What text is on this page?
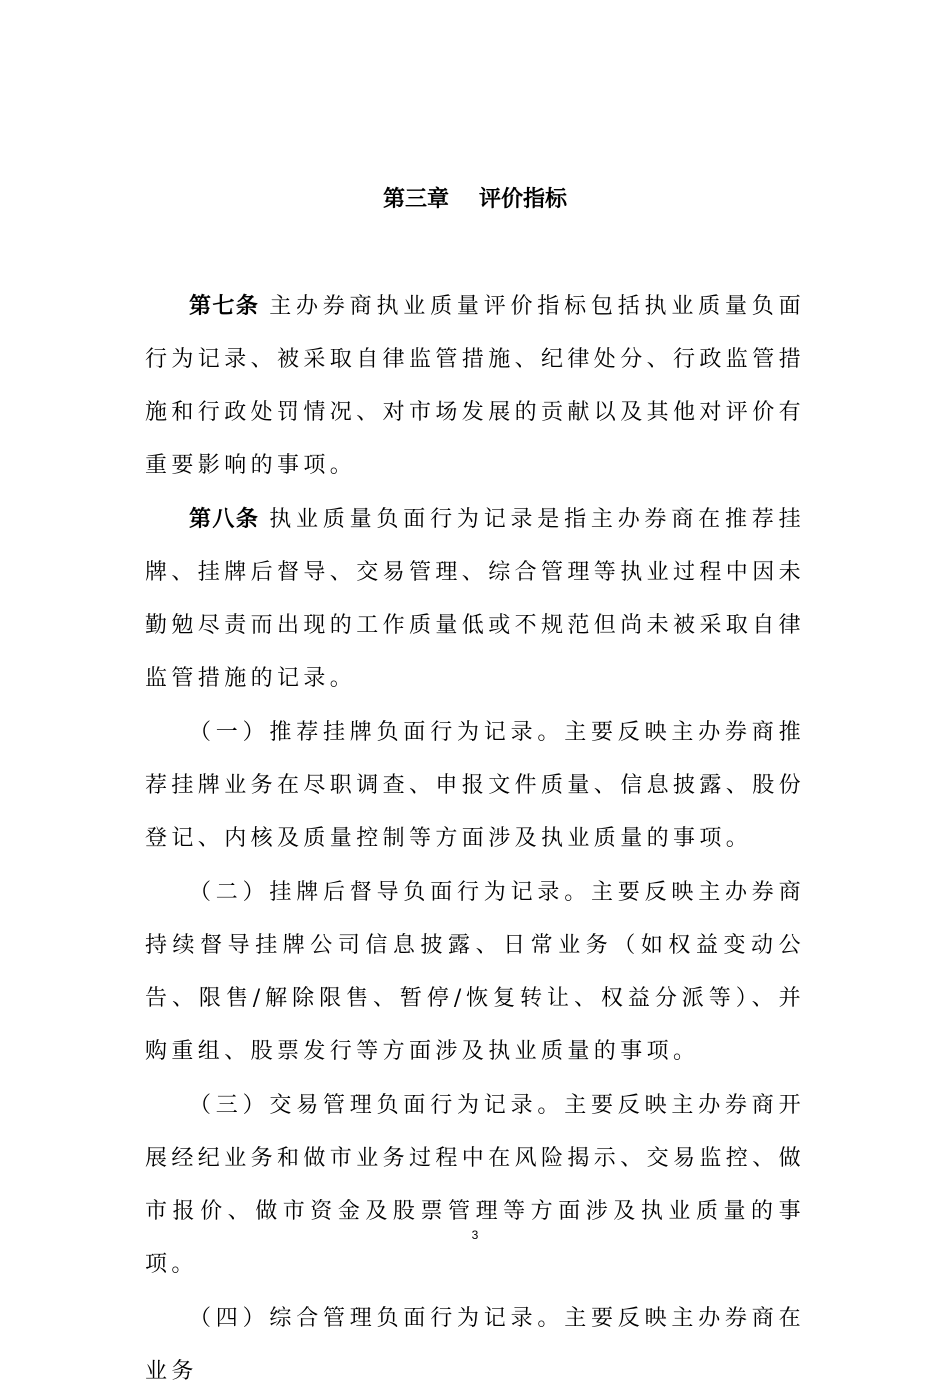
第三章 评价指标

第七条 主办券商执业质量评价指标包括执业质量负面行为记录、被采取自律监管措施、纪律处分、行政监管措施和行政处罚情况、对市场发展的贡献以及其他对评价有重要影响的事项。

第八条 执业质量负面行为记录是指主办券商在推荐挂牌、挂牌后督导、交易管理、综合管理等执业过程中因未勤勉尽责而出现的工作质量低或不规范但尚未被采取自律监管措施的记录。

（一）推荐挂牌负面行为记录。主要反映主办券商推荐挂牌业务在尽职调查、申报文件质量、信息披露、股份登记、内核及质量控制等方面涉及执业质量的事项。

（二）挂牌后督导负面行为记录。主要反映主办券商持续督导挂牌公司信息披露、日常业务（如权益变动公告、限售/解除限售、暂停/恢复转让、权益分派等）、并购重组、股票发行等方面涉及执业质量的事项。

（三）交易管理负面行为记录。主要反映主办券商开展经纪业务和做市业务过程中在风险揭示、交易监控、做市报价、做市资金及股票管理等方面涉及执业质量的事项。

（四）综合管理负面行为记录。主要反映主办券商在业务

3
